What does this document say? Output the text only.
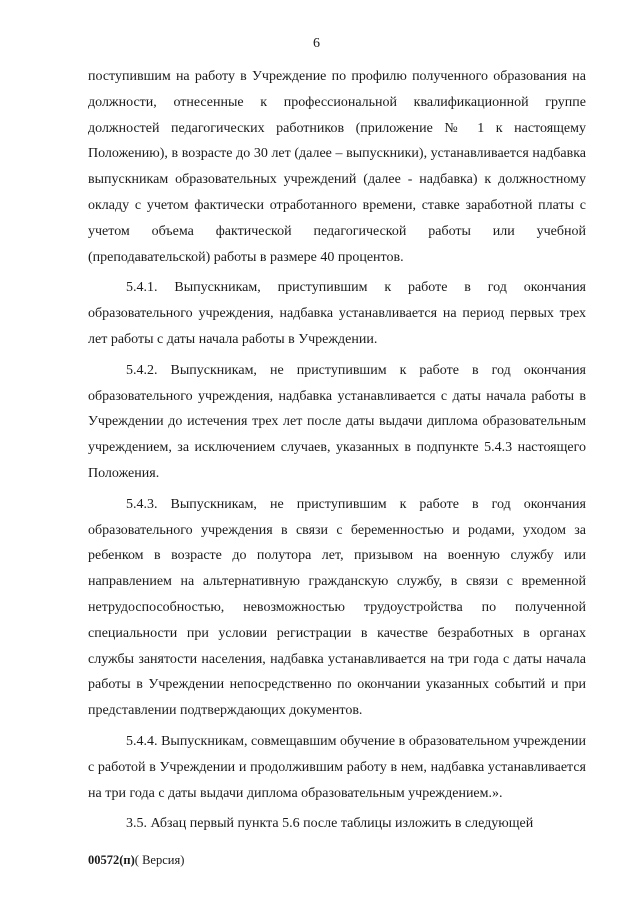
6

поступившим на работу в Учреждение по профилю полученного образования на должности, отнесенные к профессиональной квалификационной группе должностей педагогических работников (приложение № 1 к настоящему Положению), в возрасте до 30 лет (далее – выпускники), устанавливается надбавка выпускникам образовательных учреждений (далее - надбавка) к должностному окладу с учетом фактически отработанного времени, ставке заработной платы с учетом объема фактической педагогической работы или учебной (преподавательской) работы в размере 40 процентов.

5.4.1. Выпускникам, приступившим к работе в год окончания образовательного учреждения, надбавка устанавливается на период первых трех лет работы с даты начала работы в Учреждении.

5.4.2. Выпускникам, не приступившим к работе в год окончания образовательного учреждения, надбавка устанавливается с даты начала работы в Учреждении до истечения трех лет после даты выдачи диплома образовательным учреждением, за исключением случаев, указанных в подпункте 5.4.3 настоящего Положения.

5.4.3. Выпускникам, не приступившим к работе в год окончания образовательного учреждения в связи с беременностью и родами, уходом за ребенком в возрасте до полутора лет, призывом на военную службу или направлением на альтернативную гражданскую службу, в связи с временной нетрудоспособностью, невозможностью трудоустройства по полученной специальности при условии регистрации в качестве безработных в органах службы занятости населения, надбавка устанавливается на три года с даты начала работы в Учреждении непосредственно по окончании указанных событий и при представлении подтверждающих документов.

5.4.4. Выпускникам, совмещавшим обучение в образовательном учреждении с работой в Учреждении и продолжившим работу в нем, надбавка устанавливается на три года с даты выдачи диплома образовательным учреждением.».

3.5. Абзац первый пункта 5.6 после таблицы изложить в следующей

00572(п)( Версия)
